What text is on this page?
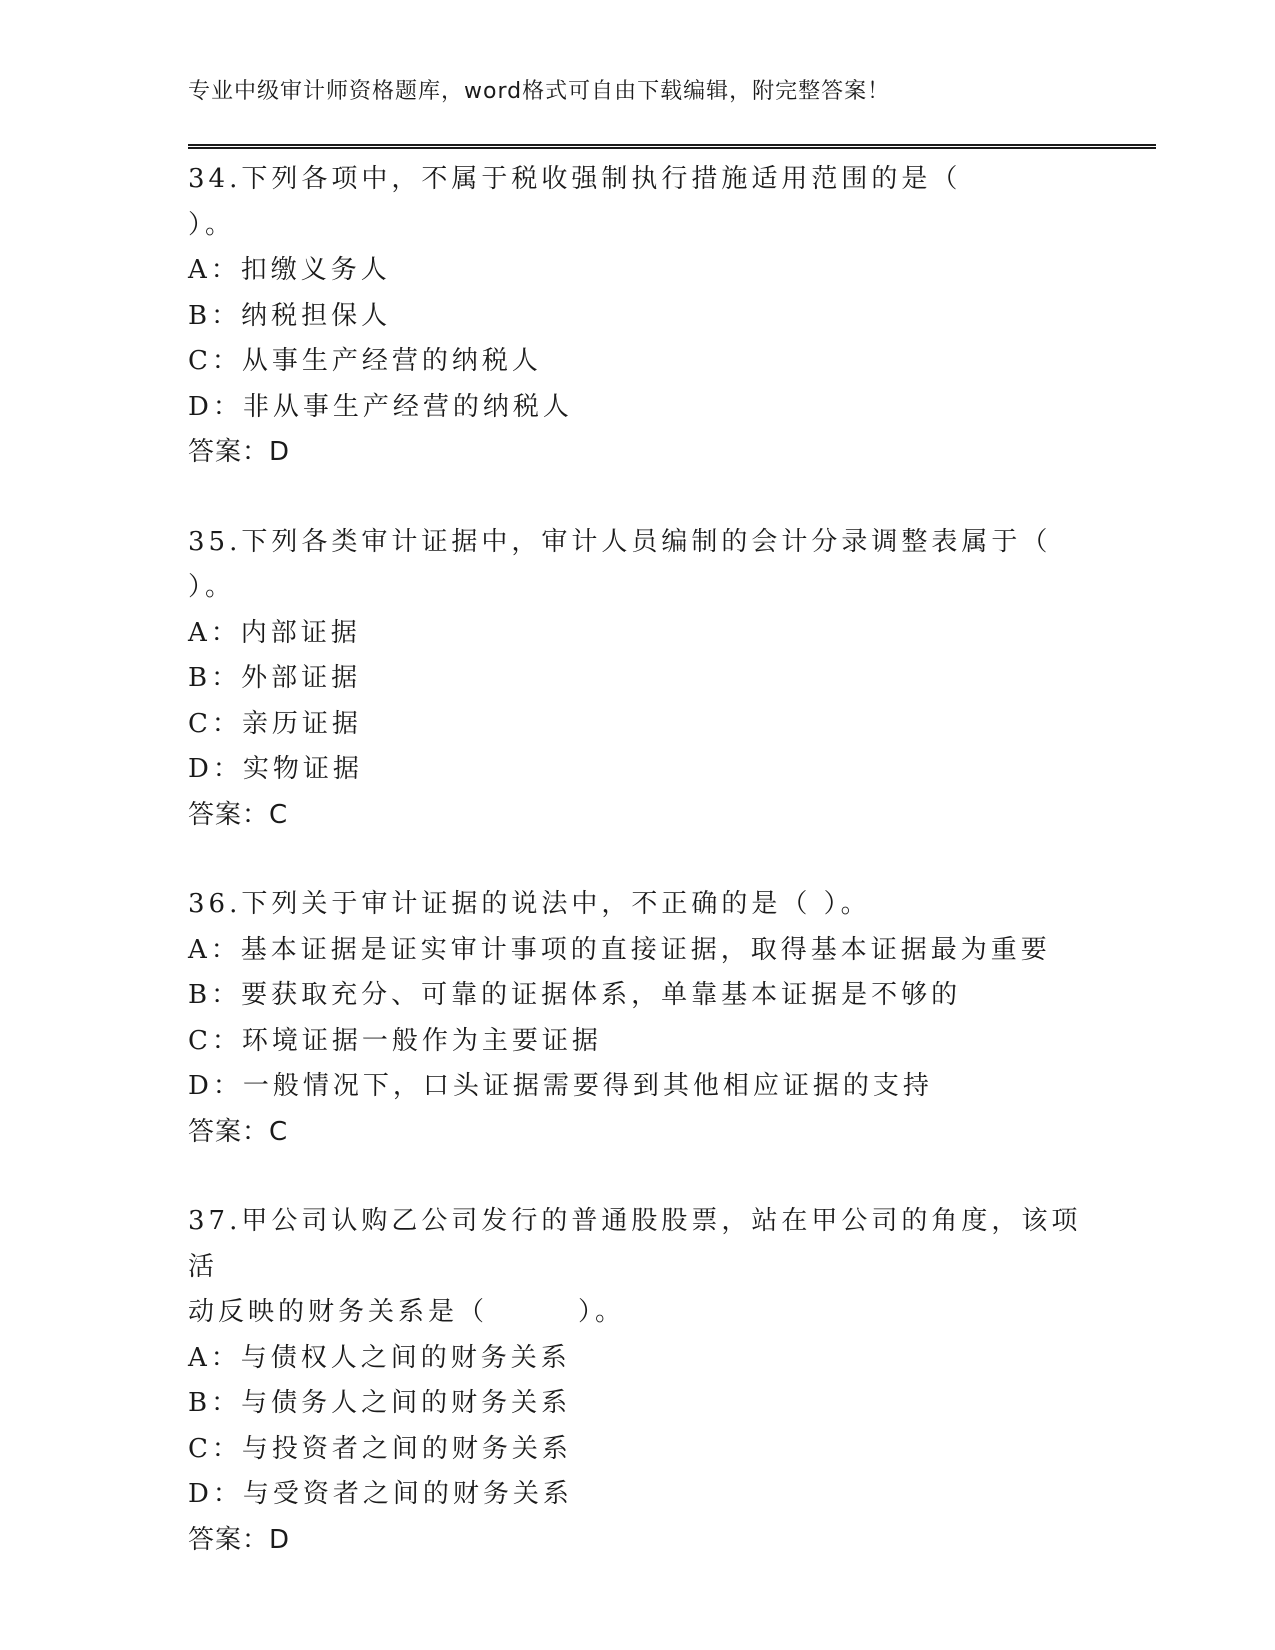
专业中级审计师资格题库，word格式可自由下载编辑，附完整答案！
34.下列各项中，不属于税收强制执行措施适用范围的是（　　　）。
A：扣缴义务人
B：纳税担保人
C：从事生产经营的纳税人
D：非从事生产经营的纳税人
答案：D
35.下列各类审计证据中，审计人员编制的会计分录调整表属于（
）。
A：内部证据
B：外部证据
C：亲历证据
D：实物证据
答案：C
36.下列关于审计证据的说法中，不正确的是（ ）。
A：基本证据是证实审计事项的直接证据，取得基本证据最为重要
B：要获取充分、可靠的证据体系，单靠基本证据是不够的
C：环境证据一般作为主要证据
D：一般情况下，口头证据需要得到其他相应证据的支持
答案：C
37.甲公司认购乙公司发行的普通股股票，站在甲公司的角度，该项活
动反映的财务关系是（　　　）。
A：与债权人之间的财务关系
B：与债务人之间的财务关系
C：与投资者之间的财务关系
D：与受资者之间的财务关系
答案：D
